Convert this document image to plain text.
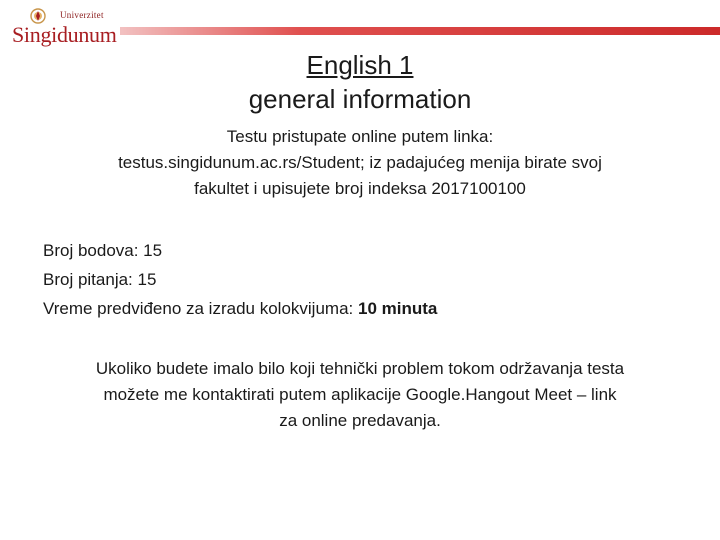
Univerzitet
Singidunum
English 1
general information
Testu pristupate online putem linka:
testus.singidunum.ac.rs/Student; iz padajućeg menija birate svoj
fakultet i upisujete broj indeksa 2017100100
Broj bodova: 15
Broj pitanja: 15
Vreme predviđeno za izradu kolokvijuma: 10 minuta
Ukoliko budete imalo bilo koji tehnički problem tokom održavanja testa
možete me kontaktirati putem aplikacije Google.Hangout Meet – link
za online predavanja.
